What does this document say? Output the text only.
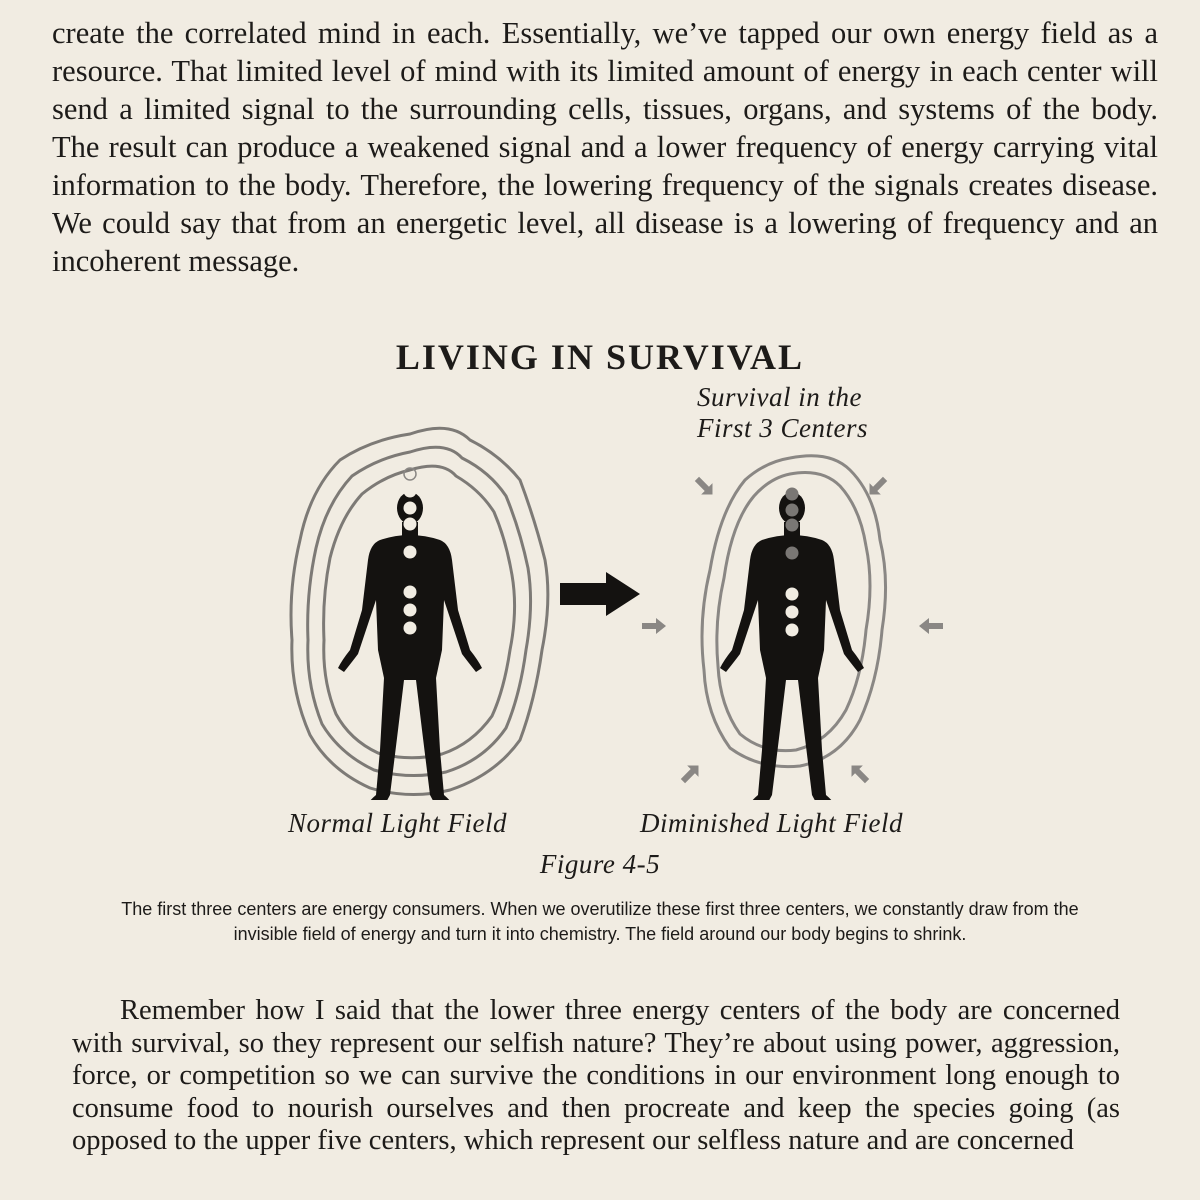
create the correlated mind in each. Essentially, we’ve tapped our own energy field as a resource. That limited level of mind with its limited amount of energy in each center will send a limited signal to the surrounding cells, tissues, organs, and systems of the body. The result can produce a weakened signal and a lower frequency of energy carrying vital information to the body. Therefore, the lowering frequency of the signals creates disease. We could say that from an energetic level, all disease is a lowering of frequency and an incoherent message.

LIVING IN SURVIVAL
Survival in the
First 3 Centers
Normal Light Field	Diminished Light Field
Figure 4-5

The first three centers are energy consumers. When we overutilize these first three centers, we constantly draw from the invisible field of energy and turn it into chemistry. The field around our body begins to shrink.

Remember how I said that the lower three energy centers of the body are concerned with survival, so they represent our selfish nature? They’re about using power, aggression, force, or competition so we can survive the conditions in our environment long enough to consume food to nourish ourselves and then procreate and keep the species going (as opposed to the upper five centers, which represent our selfless nature and are concerned
